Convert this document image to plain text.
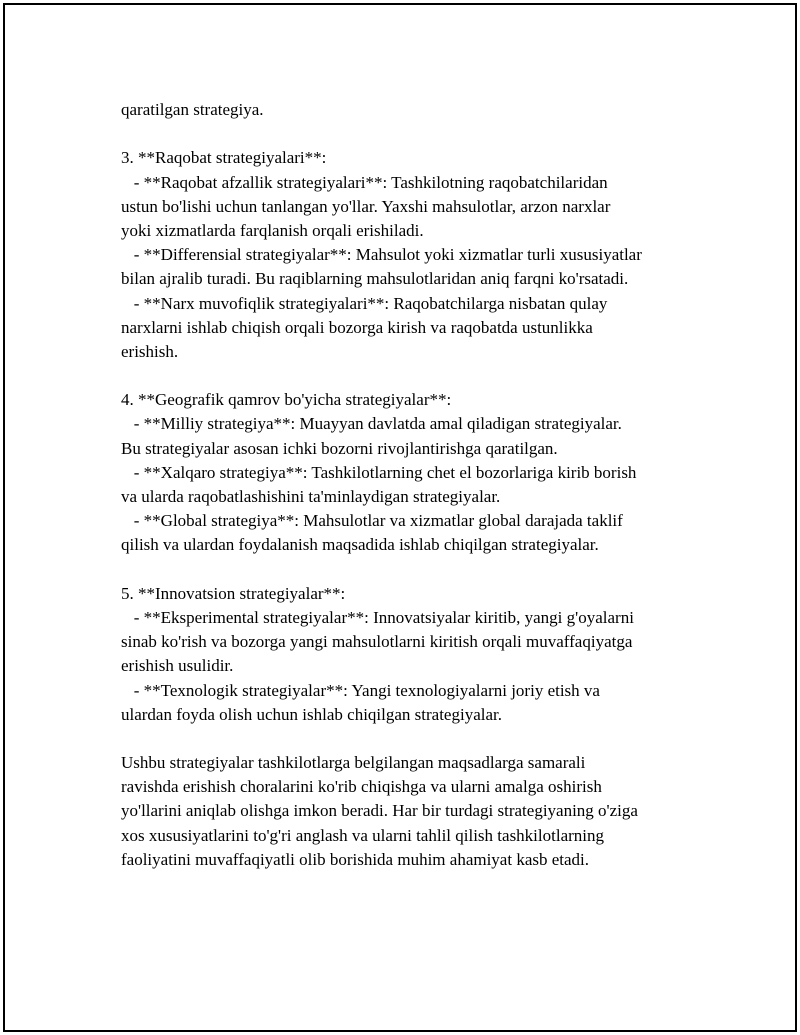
qaratilgan strategiya.
3. **Raqobat strategiyalari**:
- **Raqobat afzallik strategiyalari**: Tashkilotning raqobatchilaridan
ustun bo'lishi uchun tanlangan yo'llar. Yaxshi mahsulotlar, arzon narxlar
yoki xizmatlarda farqlanish orqali erishiladi.
- **Differensial strategiyalar**: Mahsulot yoki xizmatlar turli xususiyatlar
bilan ajralib turadi. Bu raqiblarning mahsulotlaridan aniq farqni ko'rsatadi.
- **Narx muvofiqlik strategiyalari**: Raqobatchilarga nisbatan qulay
narxlarni ishlab chiqish orqali bozorga kirish va raqobatda ustunlikka
erishish.
4. **Geografik qamrov bo'yicha strategiyalar**:
- **Milliy strategiya**: Muayyan davlatda amal qiladigan strategiyalar.
Bu strategiyalar asosan ichki bozorni rivojlantirishga qaratilgan.
- **Xalqaro strategiya**: Tashkilotlarning chet el bozorlariga kirib borish
va ularda raqobatlashishini ta'minlaydigan strategiyalar.
- **Global strategiya**: Mahsulotlar va xizmatlar global darajada taklif
qilish va ulardan foydalanish maqsadida ishlab chiqilgan strategiyalar.
5. **Innovatsion strategiyalar**:
- **Eksperimental strategiyalar**: Innovatsiyalar kiritib, yangi g'oyalarni
sinab ko'rish va bozorga yangi mahsulotlarni kiritish orqali muvaffaqiyatga
erishish usulidir.
- **Texnologik strategiyalar**: Yangi texnologiyalarni joriy etish va
ulardan foyda olish uchun ishlab chiqilgan strategiyalar.
Ushbu strategiyalar tashkilotlarga belgilangan maqsadlarga samarali
ravishda erishish choralarini ko'rib chiqishga va ularni amalga oshirish
yo'llarini aniqlab olishga imkon beradi. Har bir turdagi strategiyaning o'ziga
xos xususiyatlarini to'g'ri anglash va ularni tahlil qilish tashkilotlarning
faoliyatini muvaffaqiyatli olib borishida muhim ahamiyat kasb etadi.
